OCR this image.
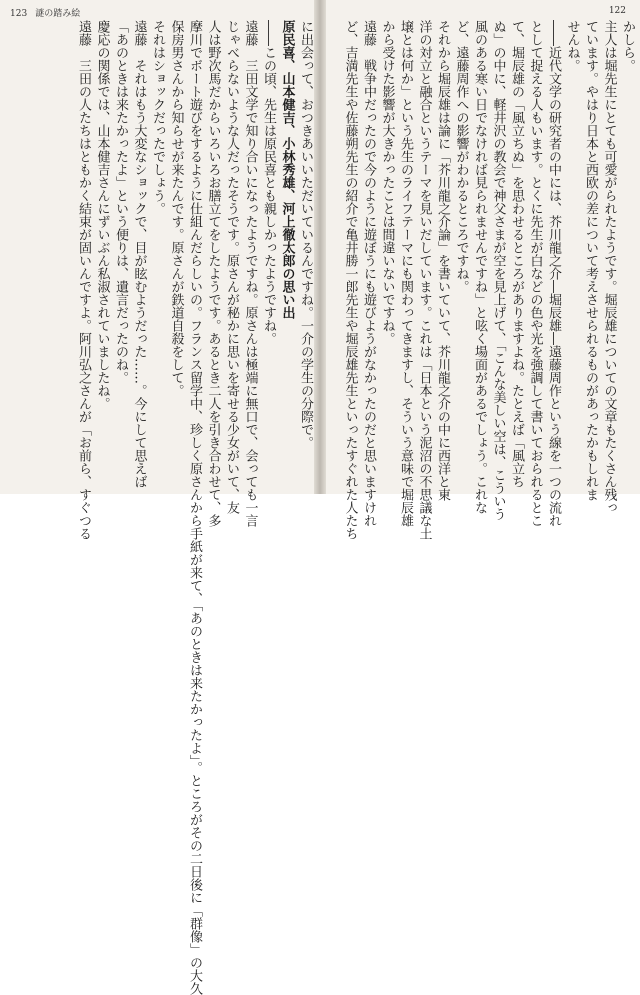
123 謎の踏み絵
に出会って、おつきあいいただいているんですね。一介の学生の分際で。
原民喜、山本健吉、小林秀雄、河上徹太郎の思い出
――この頃、先生は原民喜とも親しかったようですね。
遠藤　三田文学で知り合いになったようですね。原さんは極端に無口で、会っても一言
じゃべらないような人だったそうです。原さんが秘かに思いを寄せる少女がいて、友
人は野次馬だからいろいろお膳立てをしたようです。あるとき二人を引き合わせて、多
摩川でボート遊びをするように仕組んだらしいの。フランス留学中、珍しく原さんから手紙が来て、「あのときは来たかったよ」。ところがその二日後に「群像」の大久
保房男さんから知らせが来たんです。原さんが鉄道自殺をして。
それはショックだったでしょう。
遠藤　それはもう大変なショックで、目が眩むようだった……。今にして思えば
「あのときは来たかったよ」という便りは、遺言だったのね。
慶応の関係では、山本健吉さんにずいぶん私淑されていましたね。
遠藤　三田の人たちはともかく結束が固いんですよ。阿川弘之さんが「お前ら、すぐつる
122
かしら。
主人は堀先生にとても可愛がられたようです。堀辰雄についての文章もたくさん残っ
ています。やはり日本と西欧の差について考えさせられるものがあったかもしれま
せんね。
――近代文学の研究者の中には、芥川龍之介―堀辰雄―遠藤周作という線を一つの流れ
として捉える人もいます。とくに先生が白などの色や光を強調して書いておられるとこ
て、堀辰雄の「風立ちぬ」を思わせるところがありますよね。たとえば「風立ち
ぬ」の中に、軽井沢の教会で神父さまが空を見上げて、「こんな美しい空は、こういう
風のある寒い日でなければ見られませんですね」と呟く場面があるでしょう。これな
ど、遠藤周作への影響がわかるところですね。
それから堀辰雄は論に「芥川龍之介論」を書いていて、芥川龍之介の中に西洋と東
洋の対立と融合というテーマを見いだしています。これは「日本という泥沼の不思議な土
壌とは何か」という先生のライフテーマにも関わってきますし、そういう意味で堀辰雄
から受けた影響が大きかったことは間違いないですね。
遠藤　戦争中だったので今のように遊ぼうにも遊びようがなかったのだと思いますけれ
ど、吉満先生や佐藤朔先生の紹介で亀井勝一郎先生や堀辰雄先生といったすぐれた人たち
